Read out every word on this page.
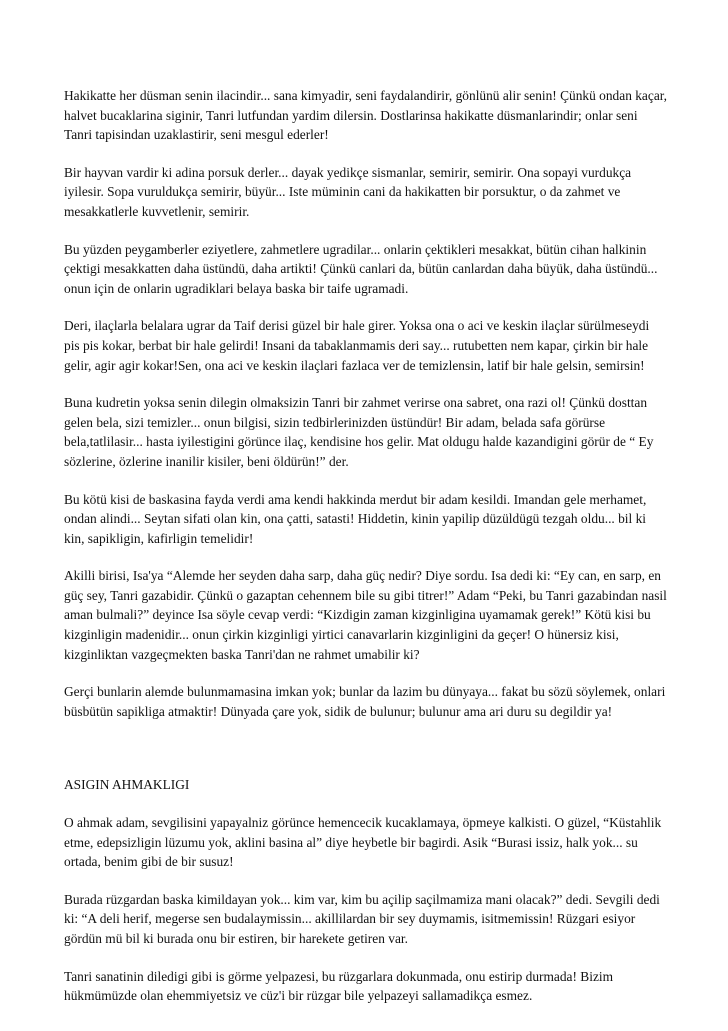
Hakikatte her düsman senin ilacindir... sana kimyadir, seni faydalandirir, gönlünü alir senin! Çünkü ondan kaçar, halvet bucaklarina siginir, Tanri lutfundan yardim dilersin. Dostlarinsa hakikatte düsmanlarindir; onlar seni Tanri tapisindan uzaklastirir, seni mesgul ederler!

Bir hayvan vardir ki adina porsuk derler... dayak yedikçe sismanlar, semirir, semirir. Ona sopayi vurdukça iyilesir. Sopa vuruldukça semirir, büyür... Iste müminin cani da hakikatten bir porsuktur, o da zahmet ve mesakkatlerle kuvvetlenir, semirir.

Bu yüzden peygamberler eziyetlere, zahmetlere ugradilar... onlarin çektikleri mesakkat, bütün cihan halkinin çektigi mesakkatten daha üstündü, daha artikti! Çünkü canlari da, bütün canlardan daha büyük, daha üstündü... onun için de onlarin ugradiklari belaya baska bir taife ugramadi.

Deri, ilaçlarla belalara ugrar da Taif derisi güzel bir hale girer. Yoksa ona o aci ve keskin ilaçlar sürülmeseydi pis pis kokar, berbat bir hale gelirdi! Insani da tabaklanmamis deri say... rutubetten nem kapar, çirkin bir hale gelir, agir agir kokar!Sen, ona aci ve keskin ilaçlari fazlaca ver de temizlensin, latif bir hale gelsin, semirsin!

Buna kudretin yoksa senin dilegin olmaksizin Tanri bir zahmet verirse ona sabret, ona razi ol! Çünkü dosttan gelen bela, sizi temizler... onun bilgisi, sizin tedbirlerinizden üstündür! Bir adam, belada safa görürse bela,tatlilasir... hasta iyilestigini görünce ilaç, kendisine hos gelir. Mat oldugu halde kazandigini görür de “ Ey sözlerine, özlerine inanilir kisiler, beni öldürün!” der.

Bu kötü kisi de baskasina fayda verdi ama kendi hakkinda merdut bir adam kesildi. Imandan gele merhamet, ondan alindi... Seytan sifati olan kin, ona çatti, satasti! Hiddetin, kinin yapilip düzüldügü tezgah oldu... bil ki kin, sapikligin, kafirligin temelidir!

Akilli birisi, Isa'ya “Alemde her seyden daha sarp, daha güç nedir? Diye sordu. Isa dedi ki: “Ey can, en sarp, en güç sey, Tanri gazabidir. Çünkü o gazaptan cehennem bile su gibi titrer!” Adam “Peki, bu Tanri gazabindan nasil aman bulmali?” deyince Isa söyle cevap verdi: “Kizdigin zaman kizginligina uyamamak gerek!” Kötü kisi bu kizginligin madenidir... onun çirkin kizginligi yirtici canavarlarin kizginligini da geçer! O hünersiz kisi, kizginliktan vazgeçmekten baska Tanri'dan ne rahmet umabilir ki?

Gerçi bunlarin alemde bulunmamasina imkan yok; bunlar da lazim bu dünyaya... fakat bu sözü söylemek, onlari büsbütün sapikliga atmaktir! Dünyada çare yok, sidik de bulunur; bulunur ama ari duru su degildir ya!

ASIGIN AHMAKLIGI

O ahmak adam, sevgilisini yapayalniz görünce hemencecik kucaklamaya, öpmeye kalkisti. O güzel, “Küstahlik etme, edepsizligin lüzumu yok, aklini basina al” diye heybetle bir bagirdi. Asik “Burasi issiz, halk yok... su ortada, benim gibi de bir susuz!

Burada rüzgardan baska kimildayan yok... kim var, kim bu açilip saçilmamiza mani olacak?” dedi. Sevgili dedi ki: “A deli herif, megerse sen budalaymissin... akillilardan bir sey duymamis, isitmemissin! Rüzgari esiyor gördün mü bil ki burada onu bir estiren, bir harekete getiren var.

Tanri sanatinin diledigi gibi is görme yelpazesi, bu rüzgarlara dokunmada, onu estirip durmada! Bizim hükmümüzde olan ehemmiyetsiz ve cüz'i bir rüzgar bile yelpazeyi sallamadikça esmez.
